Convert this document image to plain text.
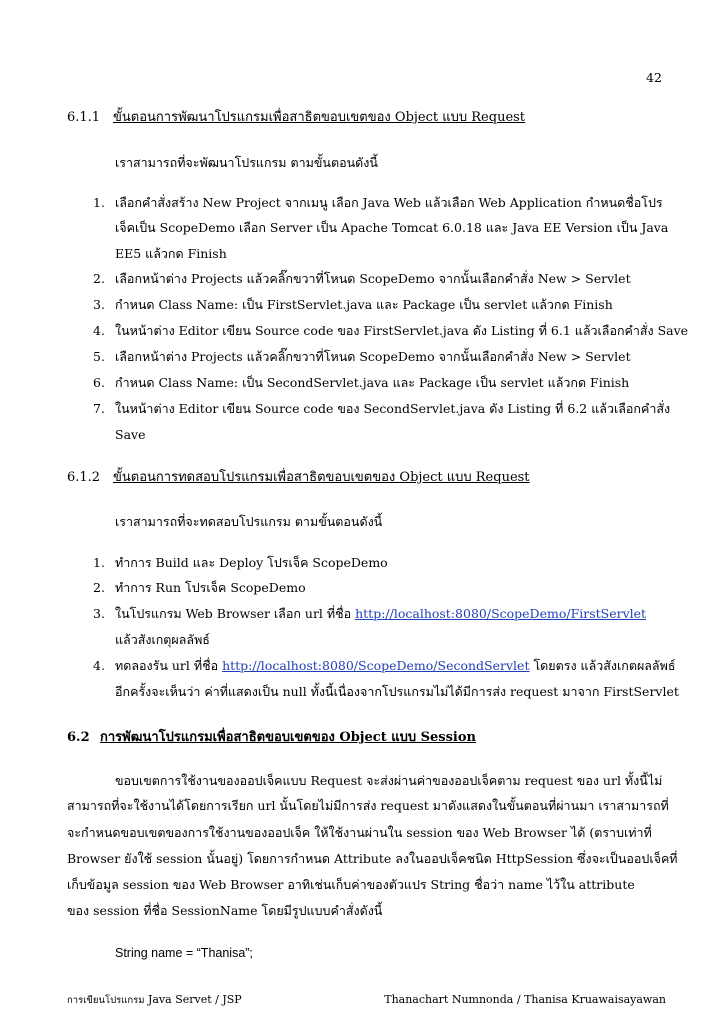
42
6.1.1 ขั้นตอนการพัฒนาโปรแกรมเพื่อสาธิตขอบเขตของ Object แบบ Request
เราสามารถที่จะพัฒนาโปรแกรม ตามขั้นตอนดังนี้
1. เลือกคำสั่งสร้าง New Project จากเมนู เลือก Java Web แล้วเลือก Web Application กำหนดชื่อโปร
เจ็คเป็น ScopeDemo เลือก Server เป็น Apache Tomcat 6.0.18 และ Java EE Version เป็น Java
EE5 แล้วกด Finish
2. เลือกหน้าต่าง Projects แล้วคลิ๊กขวาที่โหนด ScopeDemo จากนั้นเลือกคำสั่ง New > Servlet
3. กำหนด Class Name: เป็น FirstServlet.java และ Package เป็น servlet แล้วกด Finish
4. ในหน้าต่าง Editor เขียน Source code ของ FirstServlet.java ดัง Listing ที่ 6.1 แล้วเลือกคำสั่ง Save
5. เลือกหน้าต่าง Projects แล้วคลิ๊กขวาที่โหนด ScopeDemo จากนั้นเลือกคำสั่ง New > Servlet
6. กำหนด Class Name: เป็น SecondServlet.java และ Package เป็น servlet แล้วกด Finish
7. ในหน้าต่าง Editor เขียน Source code ของ SecondServlet.java ดัง Listing ที่ 6.2 แล้วเลือกคำสั่ง
Save
6.1.2 ขั้นตอนการทดสอบโปรแกรมเพื่อสาธิตขอบเขตของ Object แบบ Request
เราสามารถที่จะทดสอบโปรแกรม ตามขั้นตอนดังนี้
1. ทำการ Build และ Deploy โปรเจ็ค ScopeDemo
2. ทำการ Run โปรเจ็ค ScopeDemo
3. ในโปรแกรม Web Browser เลือก url ที่ชื่อ http://localhost:8080/ScopeDemo/FirstServlet
แล้วสังเกตุผลลัพธ์
4. ทดลองรัน url ที่ชื่อ http://localhost:8080/ScopeDemo/SecondServlet โดยตรง แล้วสังเกตผลลัพธ์
อีกครั้งจะเห็นว่า ค่าที่แสดงเป็น null ทั้งนี้เนื่องจากโปรแกรมไม่ได้มีการส่ง request มาจาก FirstServlet
6.2 การพัฒนาโปรแกรมเพื่อสาธิตขอบเขตของ Object แบบ Session
ขอบเขตการใช้งานของออปเจ็คแบบ Request จะส่งผ่านค่าของออปเจ็คตาม request ของ url ทั้งนี้ไม่
สามารถที่จะใช้งานได้โดยการเรียก url นั้นโดยไม่มีการส่ง request มาดังแสดงในขั้นตอนที่ผ่านมา เราสามารถที่
จะกำหนดขอบเขตของการใช้งานของออปเจ็ค ให้ใช้งานผ่านใน session ของ Web Browser ได้ (ตราบเท่าที่
Browser ยังใช้ session นั้นอยู่) โดยการกำหนด Attribute ลงในออปเจ็คชนิด HttpSession ซึ่งจะเป็นออปเจ็คที่
เก็บข้อมูล session ของ Web Browser อาทิเช่นเก็บค่าของตัวแปร String ชื่อว่า name ไว้ใน attribute
ของ session ที่ชื่อ SessionName โดยมีรูปแบบคำสั่งดังนี้
String name = “Thanisa”;
การเขียนโปรแกรม Java Servet / JSP	Thanachart Numnonda / Thanisa Kruawaisayawan
